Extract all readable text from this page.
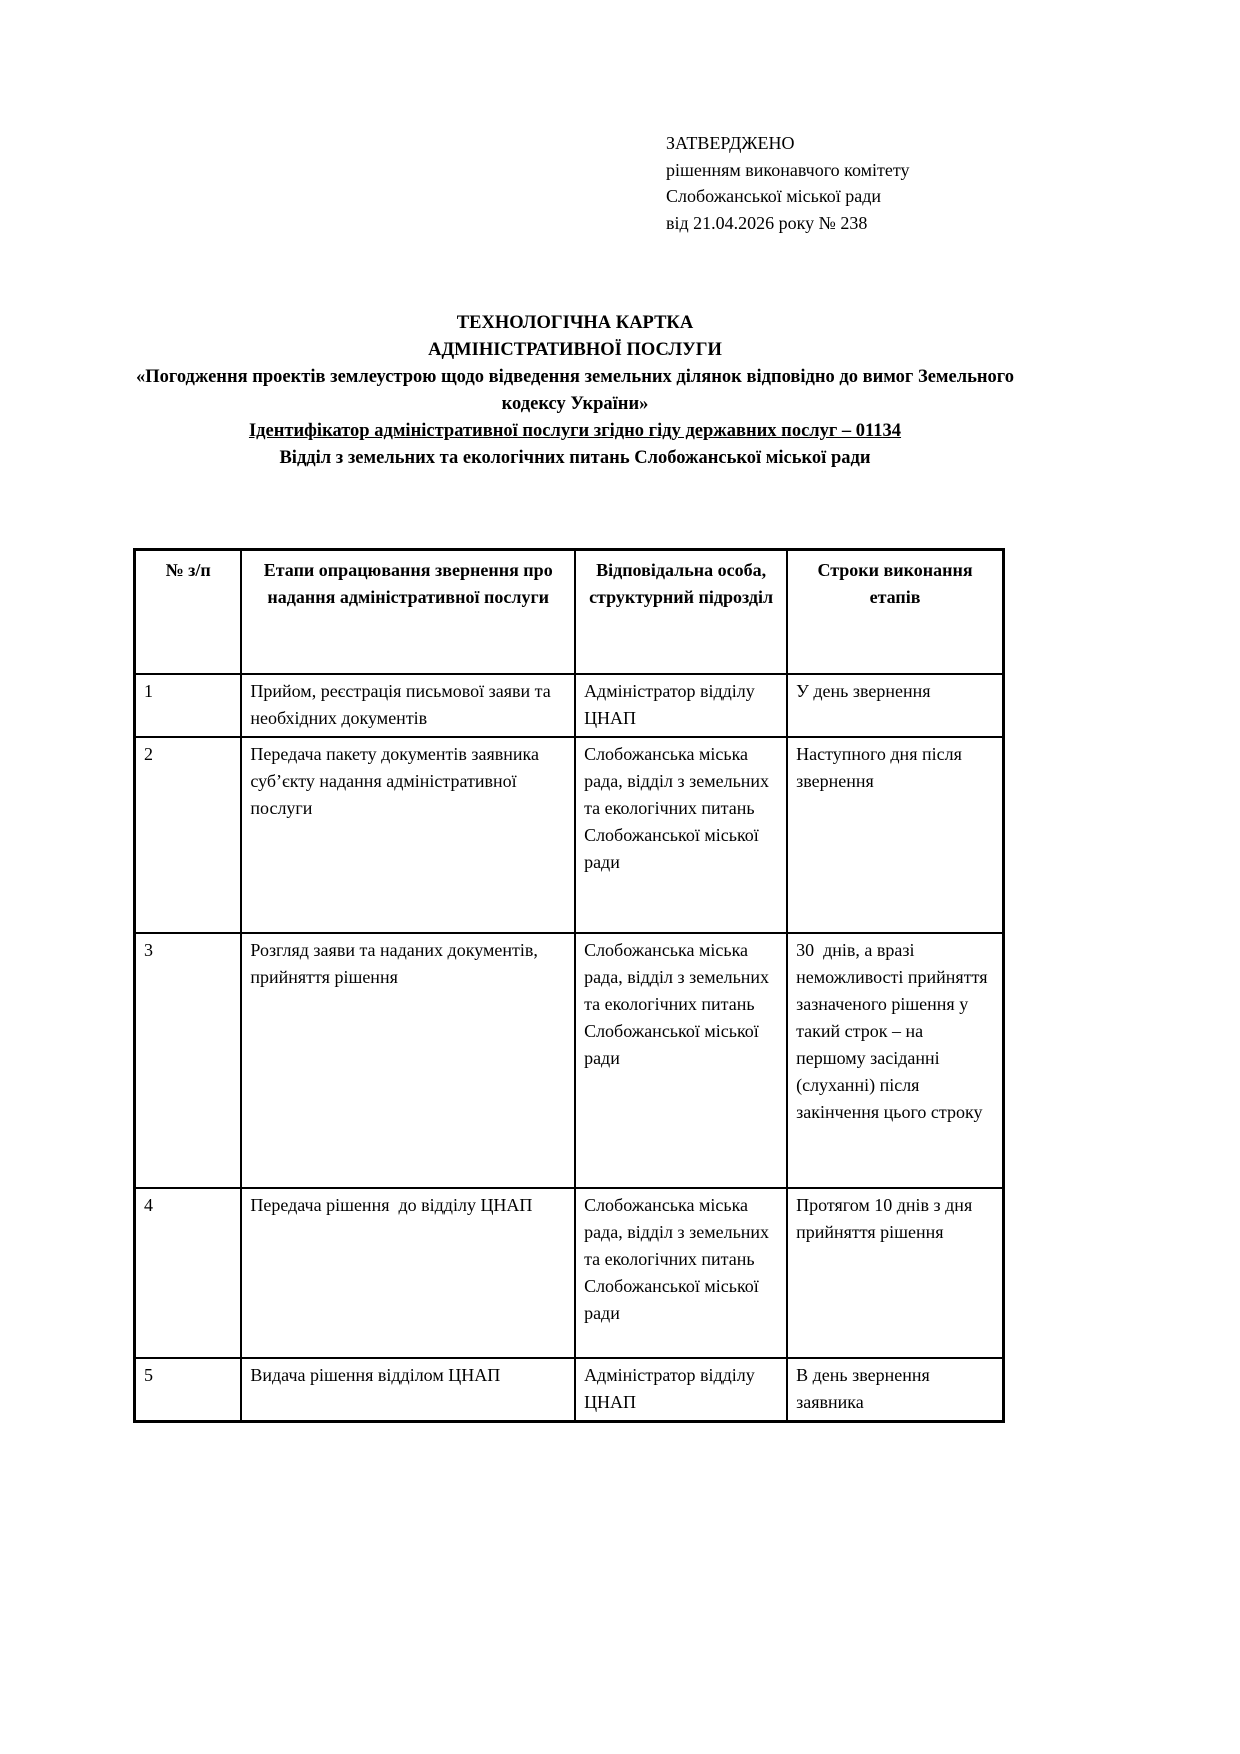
ЗАТВЕРДЖЕНО
рішенням виконавчого комітету
Слобожанської міської ради
від 21.04.2026 року № 238
ТЕХНОЛОГІЧНА КАРТКА
АДМІНІСТРАТИВНОЇ ПОСЛУГИ
«Погодження проектів землеустрою щодо відведення земельних ділянок відповідно до вимог Земельного кодексу України»
Ідентифікатор адміністративної послуги згідно гіду державних послуг – 01134
Відділ з земельних та екологічних питань Слобожанської міської ради
№ з/п	Етапи опрацювання звернення про надання адміністративної послуги	Відповідальна особа, структурний підрозділ	Строки виконання етапів
1	Прийом, реєстрація письмової заяви та необхідних документів	Адміністратор відділу ЦНАП	У день звернення
2	Передача пакету документів заявника суб’єкту надання адміністративної послуги	Слобожанська міська рада, відділ з земельних та екологічних питань Слобожанської міської ради	Наступного дня після звернення
3	Розгляд заяви та наданих документів, прийняття рішення	Слобожанська міська рада, відділ з земельних та екологічних питань Слобожанської міської ради	30  днів, а вразі неможливості прийняття зазначеного рішення у такий строк – на першому засіданні (слуханні) після закінчення цього строку
4	Передача рішення  до відділу ЦНАП	Слобожанська міська рада, відділ з земельних та екологічних питань Слобожанської міської ради	Протягом 10 днів з дня прийняття рішення
5	Видача рішення відділом ЦНАП	Адміністратор відділу ЦНАП	В день звернення заявника
